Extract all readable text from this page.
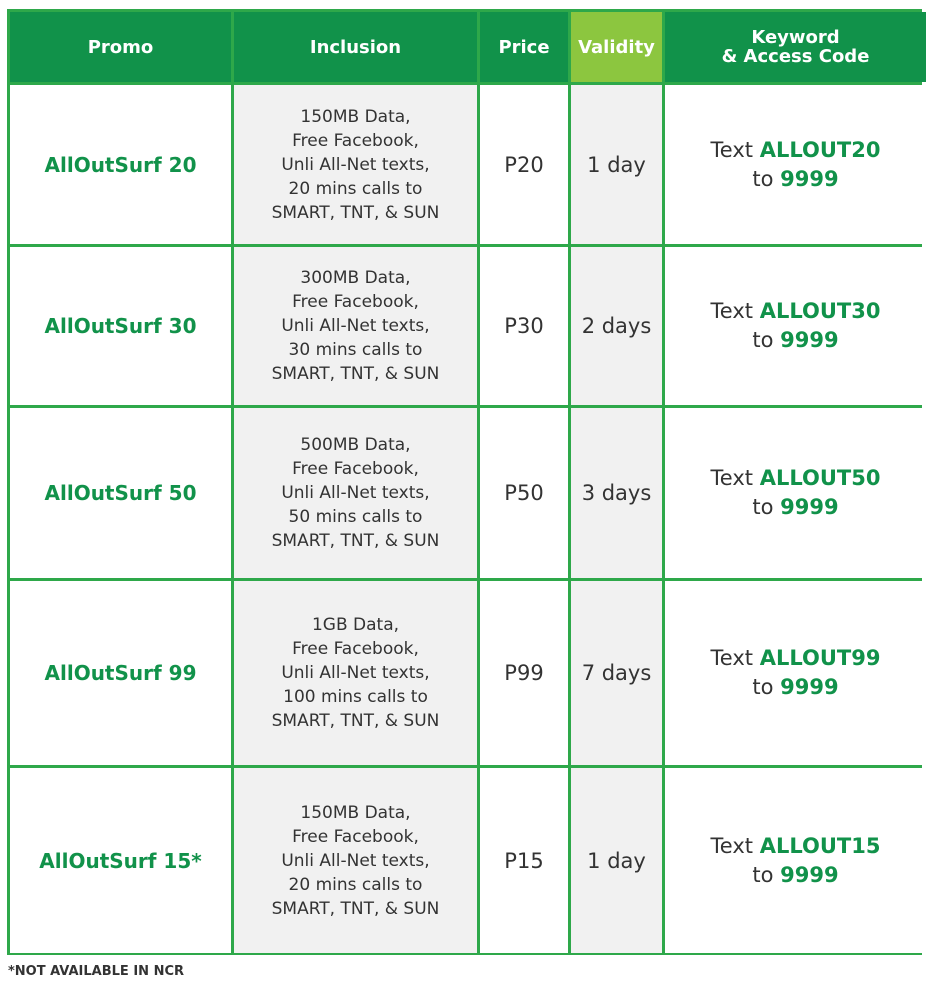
Promo	Inclusion	Price	Validity	Keyword
& Access Code

AllOutSurf 20	150MB Data,
Free Facebook,
Unli All-Net texts,
20 mins calls to
SMART, TNT, & SUN	P20	1 day	Text ALLOUT20
to 9999

AllOutSurf 30	300MB Data,
Free Facebook,
Unli All-Net texts,
30 mins calls to
SMART, TNT, & SUN	P30	2 days	Text ALLOUT30
to 9999

AllOutSurf 50	500MB Data,
Free Facebook,
Unli All-Net texts,
50 mins calls to
SMART, TNT, & SUN	P50	3 days	Text ALLOUT50
to 9999

AllOutSurf 99	1GB Data,
Free Facebook,
Unli All-Net texts,
100 mins calls to
SMART, TNT, & SUN	P99	7 days	Text ALLOUT99
to 9999

AllOutSurf 15*	150MB Data,
Free Facebook,
Unli All-Net texts,
20 mins calls to
SMART, TNT, & SUN	P15	1 day	Text ALLOUT15
to 9999
*NOT AVAILABLE IN NCR
